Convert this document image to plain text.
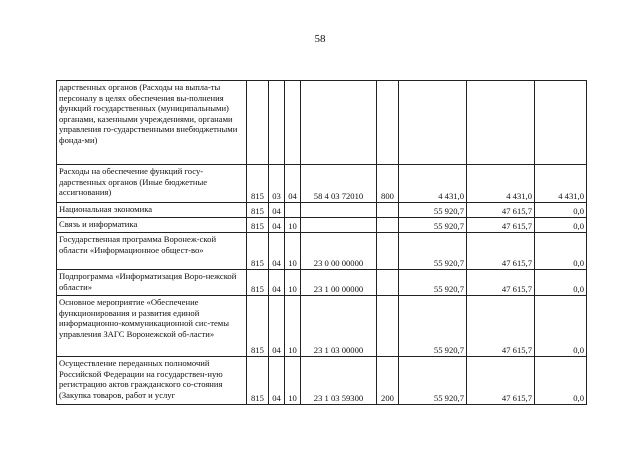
58
дарственных органов (Расходы на выпла-ты персоналу в целях обеспечения вы-полнения функций государственных (муниципальными) органами, казенными учреждениями, органами управления го-сударственными внебюджетными фонда-ми)								
Расходы на обеспечение функций госу-дарственных органов (Иные бюджетные ассигнования)	815	03	04	58 4 03 72010	800	4 431,0	4 431,0	4 431,0
Национальная экономика	815	04				55 920,7	47 615,7	0,0
Связь и информатика	815	04	10			55 920,7	47 615,7	0,0
Государственная программа Воронеж-ской области «Информационное общест-во»	815	04	10	23 0 00 00000		55 920,7	47 615,7	0,0
Подпрограмма «Информатизация Воро-нежской области»	815	04	10	23 1 00 00000		55 920,7	47 615,7	0,0
Основное мероприятие «Обеспечение функционирования и развития единой информационно-коммуникационной сис-темы управления ЗАГС Воронежской об-ласти»	815	04	10	23 1 03 00000		55 920,7	47 615,7	0,0
Осуществление переданных полномочий Российской Федерации на государствен-ную регистрацию актов гражданского со-стояния (Закупка товаров, работ и услуг	815	04	10	23 1 03 59300	200	55 920,7	47 615,7	0,0
